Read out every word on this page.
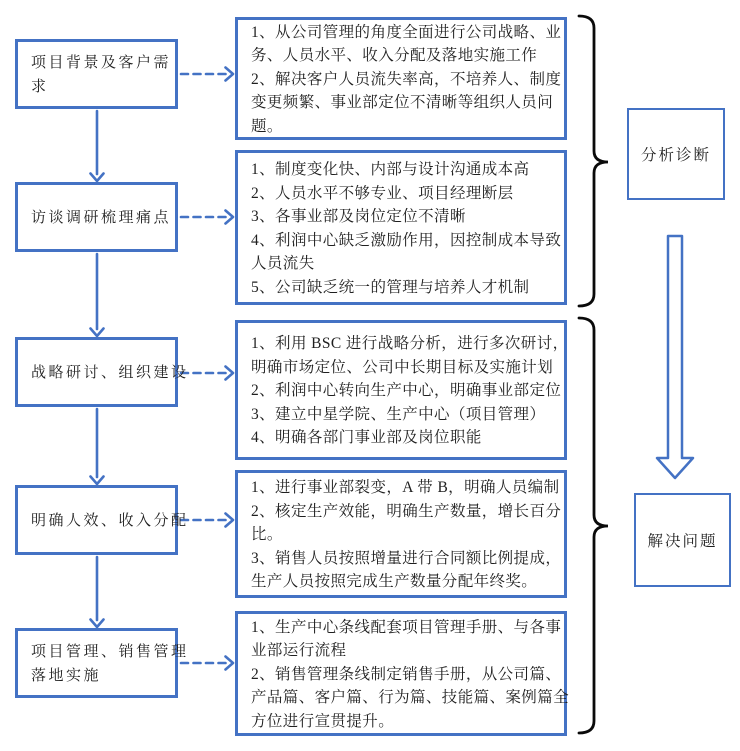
项目背景及客户需
求
访谈调研梳理痛点
战略研讨、组织建设
明确人效、收入分配
项目管理、销售管理
落地实施
1、从公司管理的角度全面进行公司战略、业
务、人员水平、收入分配及落地实施工作
2、解决客户人员流失率高，不培养人、制度
变更频繁、事业部定位不清晰等组织人员问
题。
1、制度变化快、内部与设计沟通成本高
2、人员水平不够专业、项目经理断层
3、各事业部及岗位定位不清晰
4、利润中心缺乏激励作用，因控制成本导致
人员流失
5、公司缺乏统一的管理与培养人才机制
1、利用 BSC 进行战略分析，进行多次研讨，
明确市场定位、公司中长期目标及实施计划
2、利润中心转向生产中心，明确事业部定位
3、建立中星学院、生产中心（项目管理）
4、明确各部门事业部及岗位职能
1、进行事业部裂变，A 带 B，明确人员编制
2、核定生产效能，明确生产数量，增长百分
比。
3、销售人员按照增量进行合同额比例提成，
生产人员按照完成生产数量分配年终奖。
1、生产中心条线配套项目管理手册、与各事
业部运行流程
2、销售管理条线制定销售手册，从公司篇、
产品篇、客户篇、行为篇、技能篇、案例篇全
方位进行宣贯提升。
分析诊断
解决问题
